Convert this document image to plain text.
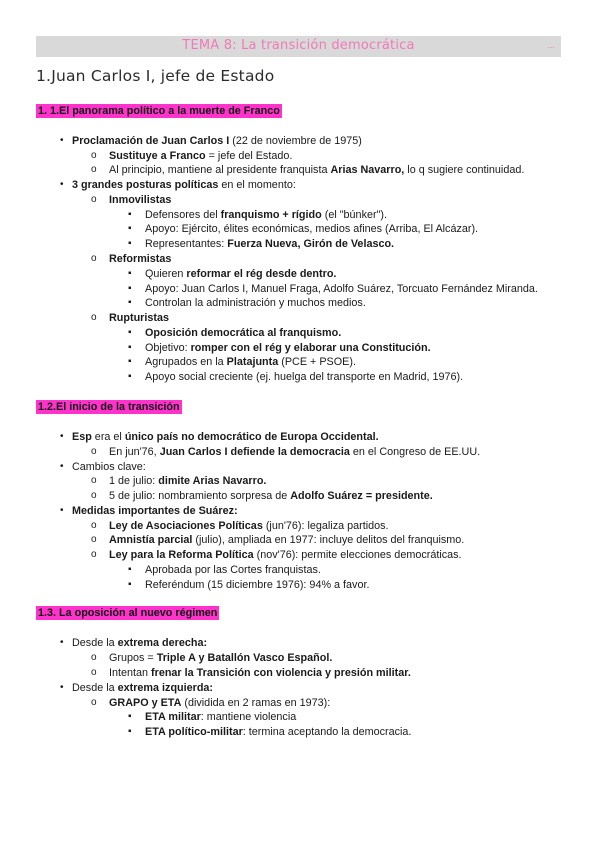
TEMA 8: La transición democrática	...
1.Juan Carlos I, jefe de Estado
1. 1.El panorama político a la muerte de Franco
• Proclamación de Juan Carlos I (22 de noviembre de 1975)
o Sustituye a Franco = jefe del Estado.
o Al principio, mantiene al presidente franquista Arias Navarro, lo q sugiere continuidad.
• 3 grandes posturas políticas en el momento:
o Inmovilistas
▪ Defensores del franquismo + rígido (el "búnker").
▪ Apoyo: Ejército, élites económicas, medios afines (Arriba, El Alcázar).
▪ Representantes: Fuerza Nueva, Girón de Velasco.
o Reformistas
▪ Quieren reformar el rég desde dentro.
▪ Apoyo: Juan Carlos I, Manuel Fraga, Adolfo Suárez, Torcuato Fernández Miranda.
▪ Controlan la administración y muchos medios.
o Rupturistas
▪ Oposición democrática al franquismo.
▪ Objetivo: romper con el rég y elaborar una Constitución.
▪ Agrupados en la Platajunta (PCE + PSOE).
▪ Apoyo social creciente (ej. huelga del transporte en Madrid, 1976).
1.2.El inicio de la transición
• Esp era el único país no democrático de Europa Occidental.
o En jun'76, Juan Carlos I defiende la democracia en el Congreso de EE.UU.
• Cambios clave:
o 1 de julio: dimite Arias Navarro.
o 5 de julio: nombramiento sorpresa de Adolfo Suárez = presidente.
• Medidas importantes de Suárez:
o Ley de Asociaciones Políticas (jun'76): legaliza partidos.
o Amnistía parcial (julio), ampliada en 1977: incluye delitos del franquismo.
o Ley para la Reforma Política (nov'76): permite elecciones democráticas.
▪ Aprobada por las Cortes franquistas.
▪ Referéndum (15 diciembre 1976): 94% a favor.
1.3. La oposición al nuevo régimen
• Desde la extrema derecha:
o Grupos = Triple A y Batallón Vasco Español.
o Intentan frenar la Transición con violencia y presión militar.
• Desde la extrema izquierda:
o GRAPO y ETA (dividida en 2 ramas en 1973):
▪ ETA militar: mantiene violencia
▪ ETA político-militar: termina aceptando la democracia.
